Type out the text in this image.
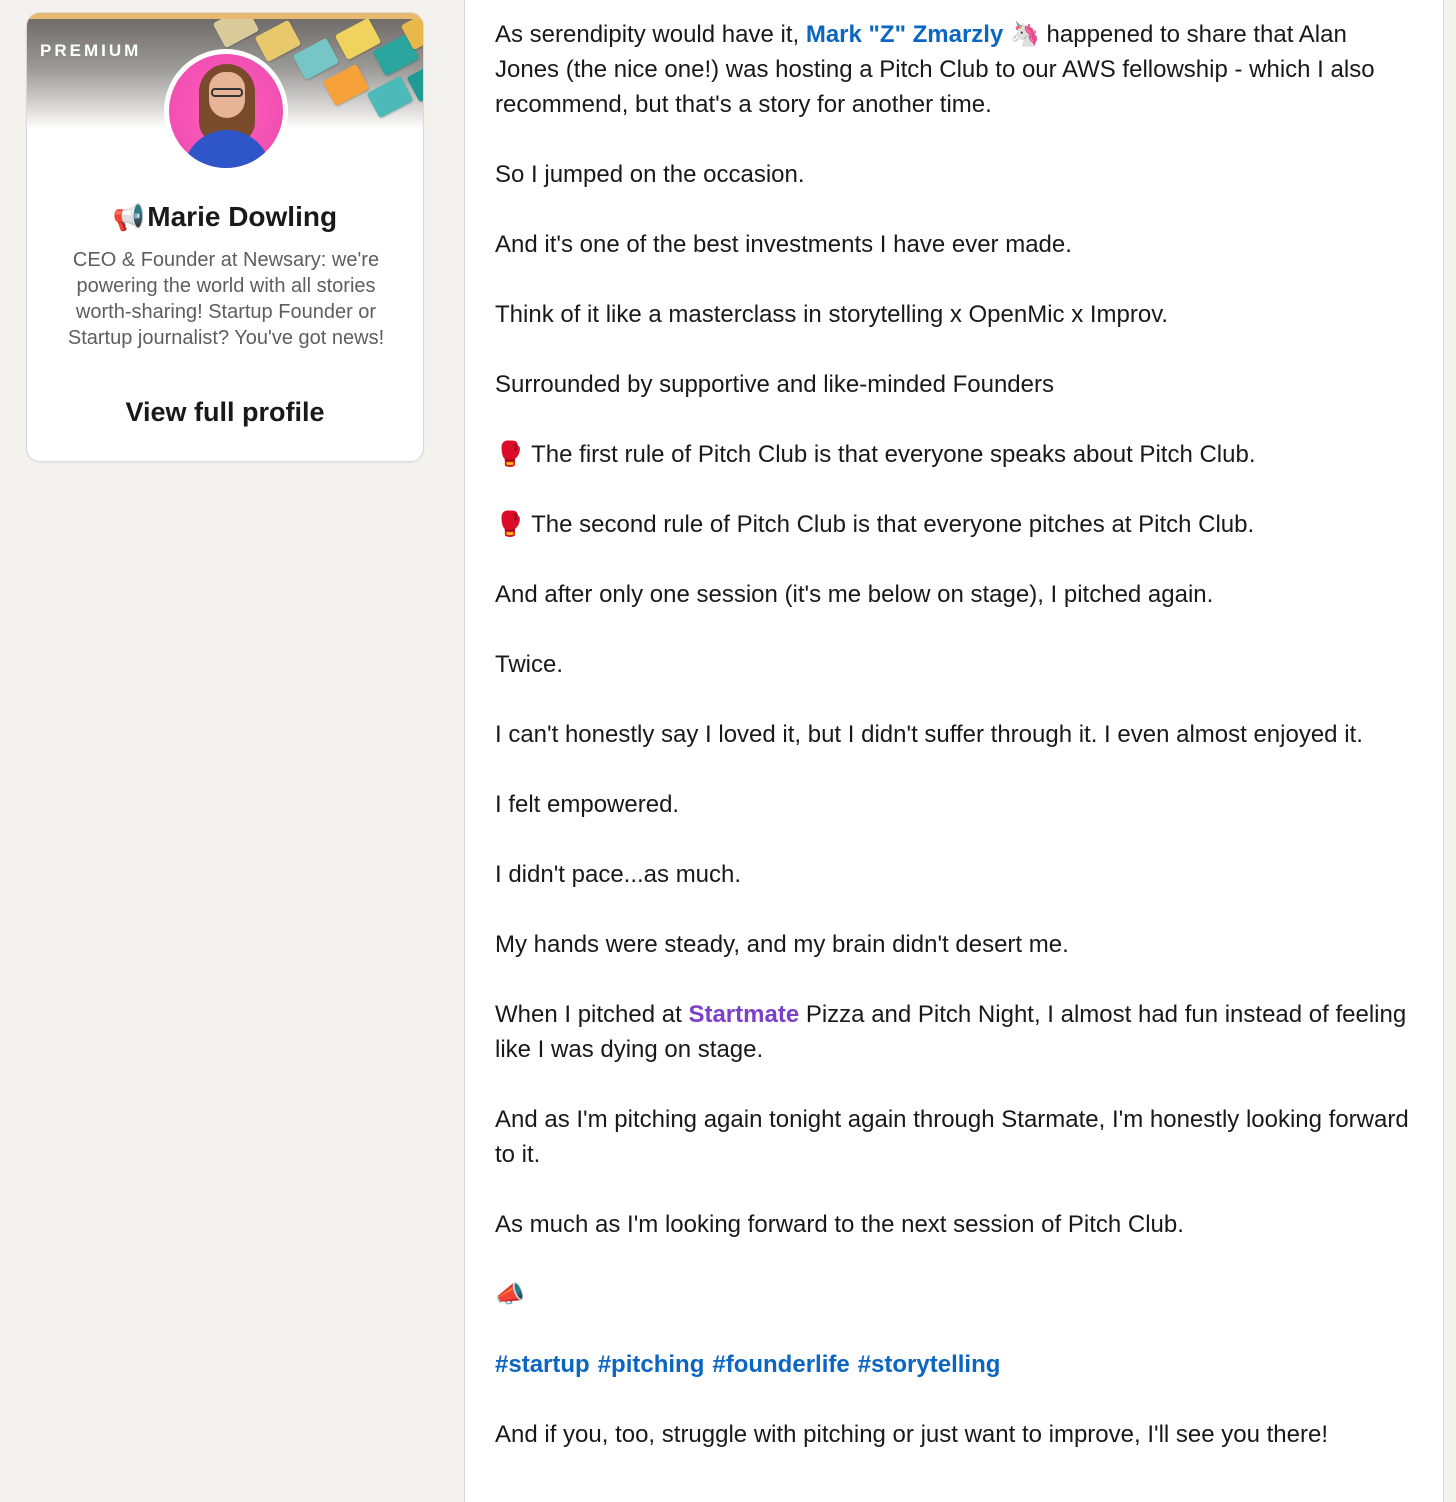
PREMIUM
📢Marie Dowling
CEO & Founder at Newsary: we're powering the world with all stories worth-sharing! Startup Founder or Startup journalist? You've got news!
View full profile

As serendipity would have it, Mark "Z" Zmarzly 🦄 happened to share that Alan Jones (the nice one!) was hosting a Pitch Club to our AWS fellowship - which I also recommend, but that's a story for another time.

So I jumped on the occasion.

And it's one of the best investments I have ever made.

Think of it like a masterclass in storytelling x OpenMic x Improv.

Surrounded by supportive and like-minded Founders

🥊 The first rule of Pitch Club is that everyone speaks about Pitch Club.

🥊 The second rule of Pitch Club is that everyone pitches at Pitch Club.

And after only one session (it's me below on stage), I pitched again.

Twice.

I can't honestly say I loved it, but I didn't suffer through it. I even almost enjoyed it.

I felt empowered.

I didn't pace...as much.

My hands were steady, and my brain didn't desert me.

When I pitched at Startmate Pizza and Pitch Night, I almost had fun instead of feeling like I was dying on stage.

And as I'm pitching again tonight again through Starmate, I'm honestly looking forward to it.

As much as I'm looking forward to the next session of Pitch Club.

📣

#startup #pitching #founderlife #storytelling

And if you, too, struggle with pitching or just want to improve, I'll see you there!
